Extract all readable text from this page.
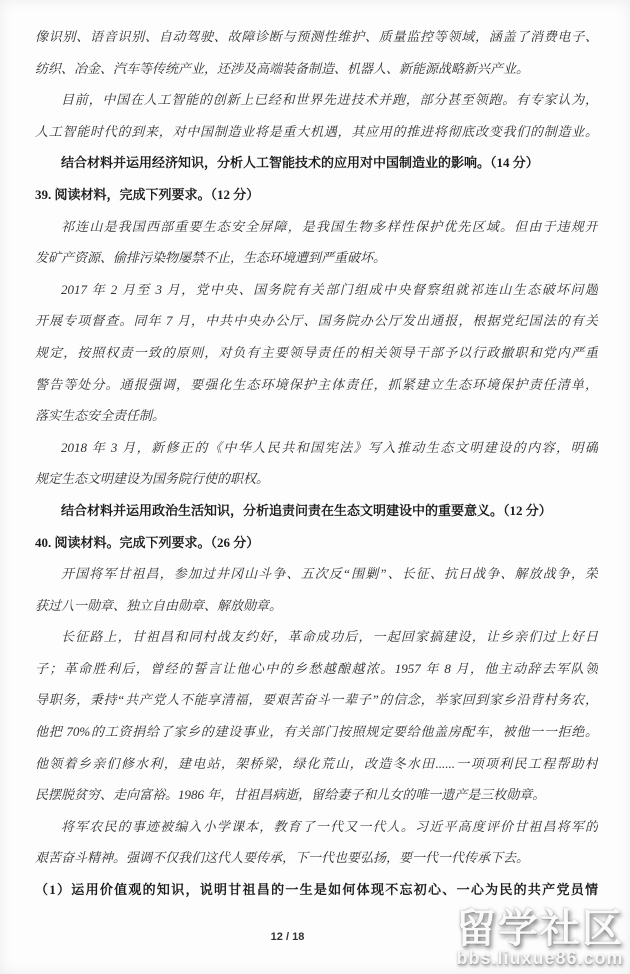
像识别、语音识别、自动驾驶、故障诊断与预测性维护、质量监控等领域，涵盖了消费电子、
纺织、冶金、汽车等传统产业，还涉及高端装备制造、机器人、新能源战略新兴产业。
目前，中国在人工智能的创新上已经和世界先进技术并跑，部分甚至领跑。有专家认为，
人工智能时代的到来，对中国制造业将是重大机遇，其应用的推进将彻底改变我们的制造业。
结合材料并运用经济知识，分析人工智能技术的应用对中国制造业的影响。（14 分）
39. 阅读材料，完成下列要求。（12 分）
祁连山是我国西部重要生态安全屏障，是我国生物多样性保护优先区域。但由于违规开
发矿产资源、偷排污染物屡禁不止，生态环境遭到严重破坏。
2017 年 2 月至 3 月，党中央、国务院有关部门组成中央督察组就祁连山生态破坏问题
开展专项督查。同年 7 月，中共中央办公厅、国务院办公厅发出通报，根据党纪国法的有关
规定，按照权责一致的原则，对负有主要领导责任的相关领导干部予以行政撤职和党内严重
警告等处分。通报强调，要强化生态环境保护主体责任，抓紧建立生态环境保护责任清单，
落实生态安全责任制。
2018 年 3 月，新修正的《中华人民共和国宪法》写入推动生态文明建设的内容，明确
规定生态文明建设为国务院行使的职权。
结合材料并运用政治生活知识，分析追责问责在生态文明建设中的重要意义。（12 分）
40. 阅读材料。完成下列要求。（26 分）
开国将军甘祖昌，参加过井冈山斗争、五次反“围剿”、长征、抗日战争、解放战争，荣
获过八一勋章、独立自由勋章、解放勋章。
长征路上，甘祖昌和同村战友约好，革命成功后，一起回家搞建设，让乡亲们过上好日
子；革命胜利后，曾经的誓言让他心中的乡愁越酿越浓。1957 年 8 月，他主动辞去军队领
导职务，秉持“共产党人不能享清福，要艰苦奋斗一辈子”的信念，举家回到家乡沿背村务农，
他把 70%的工资捐给了家乡的建设事业，有关部门按照规定要给他盖房配车，被他一一拒绝。
他领着乡亲们修水利，建电站，架桥梁，绿化荒山，改造冬水田......一项项利民工程帮助村
民摆脱贫穷、走向富裕。1986 年，甘祖昌病逝，留给妻子和儿女的唯一遗产是三枚勋章。
将军农民的事迹被编入小学课本，教育了一代又一代人。习近平高度评价甘祖昌将军的
艰苦奋斗精神。强调不仅我们这代人要传承，下一代也要弘扬，要一代一代传承下去。
（1）运用价值观的知识，说明甘祖昌的一生是如何体现不忘初心、一心为民的共产党员情
12 / 18	留学社区
bbs.liuxue86.com
